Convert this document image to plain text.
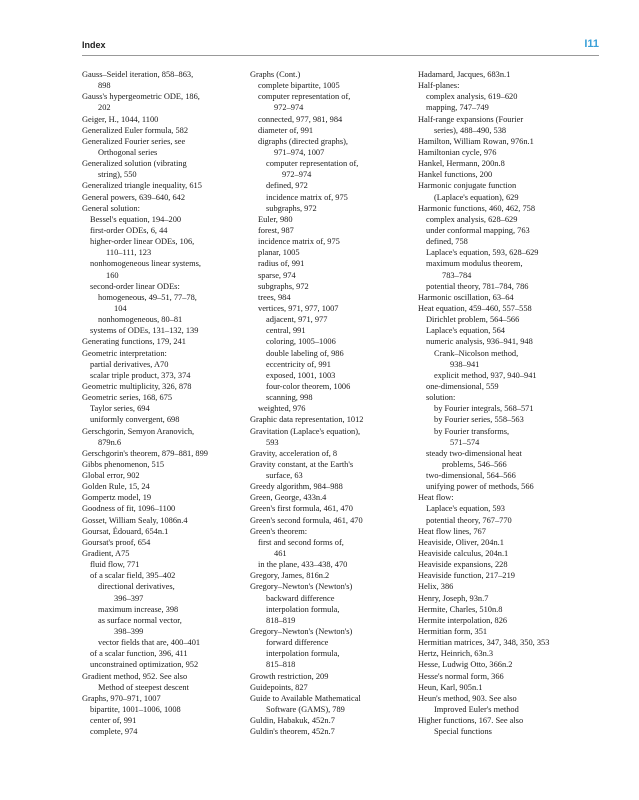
Index	I11
Gauss–Seidel iteration, 858–863,
898
Gauss's hypergeometric ODE, 186,
202
Geiger, H., 1044, 1100
Generalized Euler formula, 582
Generalized Fourier series, see
Orthogonal series
Generalized solution (vibrating
string), 550
Generalized triangle inequality, 615
General powers, 639–640, 642
General solution:
Bessel's equation, 194–200
first-order ODEs, 6, 44
higher-order linear ODEs, 106,
110–111, 123
nonhomogeneous linear systems,
160
second-order linear ODEs:
homogeneous, 49–51, 77–78,
104
nonhomogeneous, 80–81
systems of ODEs, 131–132, 139
Generating functions, 179, 241
Geometric interpretation:
partial derivatives, A70
scalar triple product, 373, 374
Geometric multiplicity, 326, 878
Geometric series, 168, 675
Taylor series, 694
uniformly convergent, 698
Gerschgorin, Semyon Aranovich,
879n.6
Gerschgorin's theorem, 879–881, 899
Gibbs phenomenon, 515
Global error, 902
Golden Rule, 15, 24
Gompertz model, 19
Goodness of fit, 1096–1100
Gosset, William Sealy, 1086n.4
Goursat, Édouard, 654n.1
Goursat's proof, 654
Gradient, A75
fluid flow, 771
of a scalar field, 395–402
directional derivatives,
396–397
maximum increase, 398
as surface normal vector,
398–399
vector fields that are, 400–401
of a scalar function, 396, 411
unconstrained optimization, 952
Gradient method, 952. See also
Method of steepest descent
Graphs, 970–971, 1007
bipartite, 1001–1006, 1008
center of, 991
complete, 974
Graphs (Cont.)
complete bipartite, 1005
computer representation of,
972–974
connected, 977, 981, 984
diameter of, 991
digraphs (directed graphs),
971–974, 1007
computer representation of,
972–974
defined, 972
incidence matrix of, 975
subgraphs, 972
Euler, 980
forest, 987
incidence matrix of, 975
planar, 1005
radius of, 991
sparse, 974
subgraphs, 972
trees, 984
vertices, 971, 977, 1007
adjacent, 971, 977
central, 991
coloring, 1005–1006
double labeling of, 986
eccentricity of, 991
exposed, 1001, 1003
four-color theorem, 1006
scanning, 998
weighted, 976
Graphic data representation, 1012
Gravitation (Laplace's equation),
593
Gravity, acceleration of, 8
Gravity constant, at the Earth's
surface, 63
Greedy algorithm, 984–988
Green, George, 433n.4
Green's first formula, 461, 470
Green's second formula, 461, 470
Green's theorem:
first and second forms of,
461
in the plane, 433–438, 470
Gregory, James, 816n.2
Gregory–Newton's (Newton's)
backward difference
interpolation formula,
818–819
Gregory–Newton's (Newton's)
forward difference
interpolation formula,
815–818
Growth restriction, 209
Guidepoints, 827
Guide to Available Mathematical
Software (GAMS), 789
Guldin, Habakuk, 452n.7
Guldin's theorem, 452n.7
Hadamard, Jacques, 683n.1
Half-planes:
complex analysis, 619–620
mapping, 747–749
Half-range expansions (Fourier
series), 488–490, 538
Hamilton, William Rowan, 976n.1
Hamiltonian cycle, 976
Hankel, Hermann, 200n.8
Hankel functions, 200
Harmonic conjugate function
(Laplace's equation), 629
Harmonic functions, 460, 462, 758
complex analysis, 628–629
under conformal mapping, 763
defined, 758
Laplace's equation, 593, 628–629
maximum modulus theorem,
783–784
potential theory, 781–784, 786
Harmonic oscillation, 63–64
Heat equation, 459–460, 557–558
Dirichlet problem, 564–566
Laplace's equation, 564
numeric analysis, 936–941, 948
Crank–Nicolson method,
938–941
explicit method, 937, 940–941
one-dimensional, 559
solution:
by Fourier integrals, 568–571
by Fourier series, 558–563
by Fourier transforms,
571–574
steady two-dimensional heat
problems, 546–566
two-dimensional, 564–566
unifying power of methods, 566
Heat flow:
Laplace's equation, 593
potential theory, 767–770
Heat flow lines, 767
Heaviside, Oliver, 204n.1
Heaviside calculus, 204n.1
Heaviside expansions, 228
Heaviside function, 217–219
Helix, 386
Henry, Joseph, 93n.7
Hermite, Charles, 510n.8
Hermite interpolation, 826
Hermitian form, 351
Hermitian matrices, 347, 348, 350, 353
Hertz, Heinrich, 63n.3
Hesse, Ludwig Otto, 366n.2
Hesse's normal form, 366
Heun, Karl, 905n.1
Heun's method, 903. See also
Improved Euler's method
Higher functions, 167. See also
Special functions
